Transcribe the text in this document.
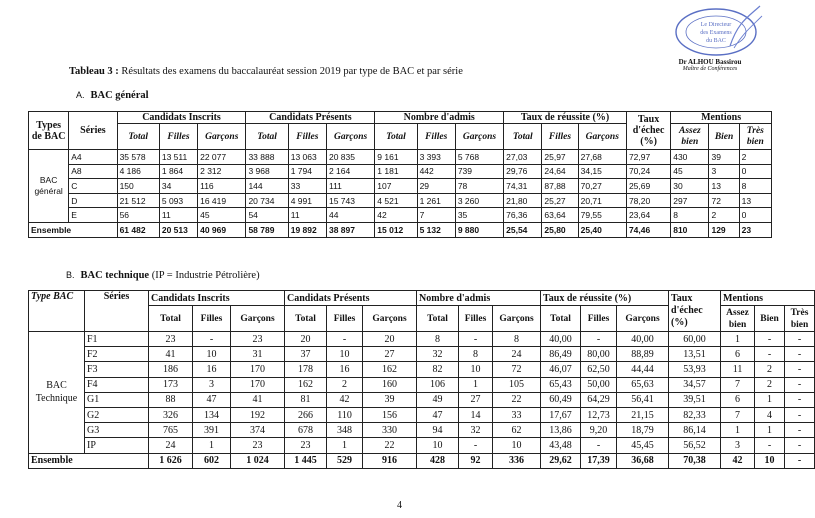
Le Directeur
des Examens
du BAC
Dr ALHOU Bassirou
Maître de Conférences
Tableau 3 : Résultats des examens du baccalauréat session 2019 par type de BAC et par série
A. BAC général
Types de BAC	Séries	Candidats Inscrits			Candidats Présents			Nombre d'admis			Taux de réussite (%)			Taux d'échec (%)	Mentions		
		Total	Filles	Garçons	Total	Filles	Garçons	Total	Filles	Garçons	Total	Filles	Garçons		Assez bien	Bien	Très bien
BAC général	A4	35 578	13 511	22 077	33 888	13 063	20 835	9 161	3 393	5 768	27,03	25,97	27,68	72,97	430	39	2
	A8	4 186	1 864	2 312	3 968	1 794	2 164	1 181	442	739	29,76	24,64	34,15	70,24	45	3	0
	C	150	34	116	144	33	111	107	29	78	74,31	87,88	70,27	25,69	30	13	8
	D	21 512	5 093	16 419	20 734	4 991	15 743	4 521	1 261	3 260	21,80	25,27	20,71	78,20	297	72	13
	E	56	11	45	54	11	44	42	7	35	76,36	63,64	79,55	23,64	8	2	0
Ensemble		61 482	20 513	40 969	58 789	19 892	38 897	15 012	5 132	9 880	25,54	25,80	25,40	74,46	810	129	23
B. BAC technique (IP = Industrie Pétrolière)
Type BAC	Séries	Candidats Inscrits			Candidats Présents			Nombre d'admis			Taux de réussite (%)			Taux d'échec (%)	Mentions		
		Total	Filles	Garçons	Total	Filles	Garçons	Total	Filles	Garçons	Total	Filles	Garçons		Assez bien	Bien	Très bien
BAC Technique	F1	23	-	23	20	-	20	8	-	8	40,00	-	40,00	60,00	1	-	-
	F2	41	10	31	37	10	27	32	8	24	86,49	80,00	88,89	13,51	6	-	-
	F3	186	16	170	178	16	162	82	10	72	46,07	62,50	44,44	53,93	11	2	-
	F4	173	3	170	162	2	160	106	1	105	65,43	50,00	65,63	34,57	7	2	-
	G1	88	47	41	81	42	39	49	27	22	60,49	64,29	56,41	39,51	6	1	-
	G2	326	134	192	266	110	156	47	14	33	17,67	12,73	21,15	82,33	7	4	-
	G3	765	391	374	678	348	330	94	32	62	13,86	9,20	18,79	86,14	1	1	-
	IP	24	1	23	23	1	22	10	-	10	43,48	-	45,45	56,52	3	-	-
Ensemble		1 626	602	1 024	1 445	529	916	428	92	336	29,62	17,39	36,68	70,38	42	10	-
4
